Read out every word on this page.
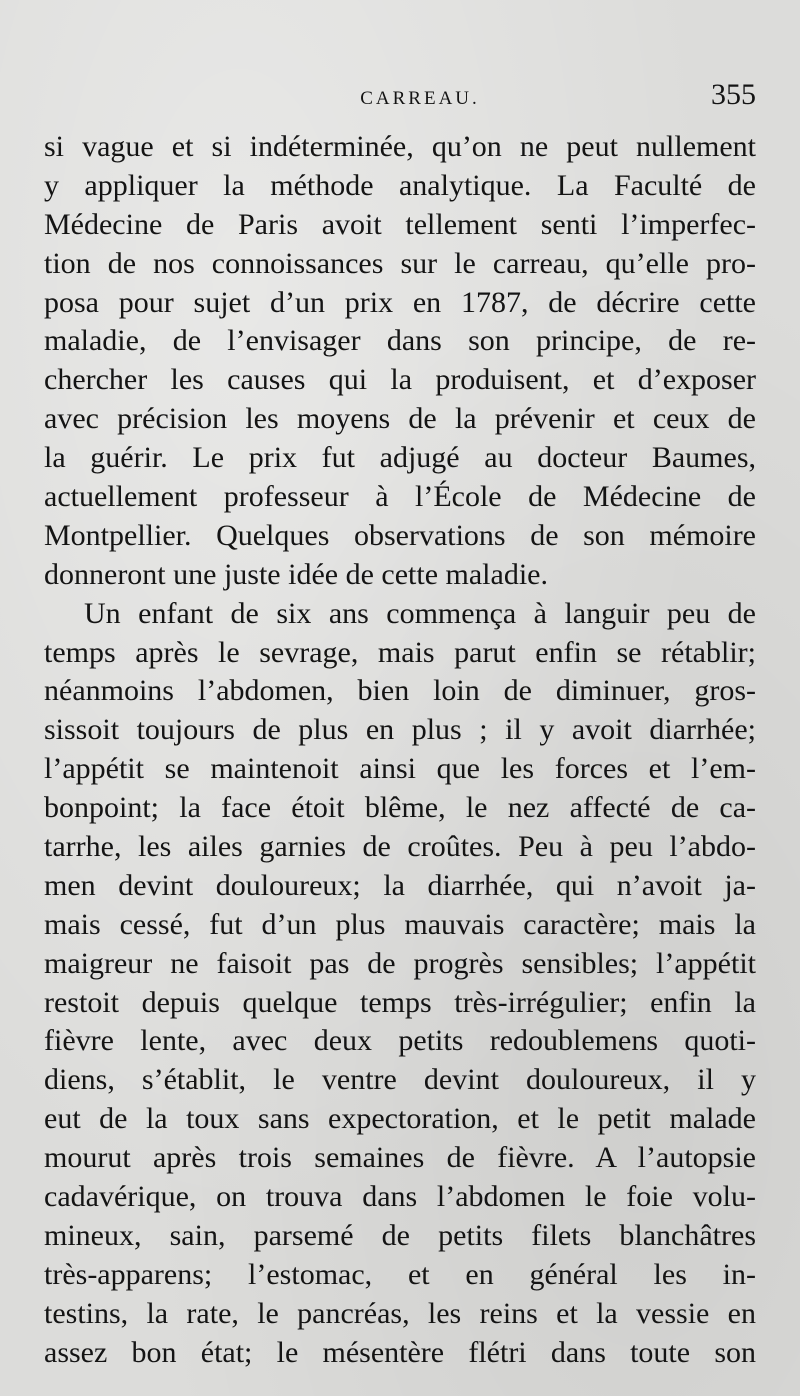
CARREAU.	355
si vague et si indéterminée, qu’on ne peut nullement
y appliquer la méthode analytique. La Faculté de
Médecine de Paris avoit tellement senti l’imperfec-
tion de nos connoissances sur le carreau, qu’elle pro-
posa pour sujet d’un prix en 1787, de décrire cette
maladie, de l’envisager dans son principe, de re-
chercher les causes qui la produisent, et d’exposer
avec précision les moyens de la prévenir et ceux de
la guérir. Le prix fut adjugé au docteur Baumes,
actuellement professeur à l’École de Médecine de
Montpellier. Quelques observations de son mémoire
donneront une juste idée de cette maladie.
Un enfant de six ans commença à languir peu de
temps après le sevrage, mais parut enfin se rétablir;
néanmoins l’abdomen, bien loin de diminuer, gros-
sissoit toujours de plus en plus ; il y avoit diarrhée;
l’appétit se maintenoit ainsi que les forces et l’em-
bonpoint; la face étoit blême, le nez affecté de ca-
tarrhe, les ailes garnies de croûtes. Peu à peu l’abdo-
men devint douloureux; la diarrhée, qui n’avoit ja-
mais cessé, fut d’un plus mauvais caractère; mais la
maigreur ne faisoit pas de progrès sensibles; l’appétit
restoit depuis quelque temps très-irrégulier; enfin la
fièvre lente, avec deux petits redoublemens quoti-
diens, s’établit, le ventre devint douloureux, il y
eut de la toux sans expectoration, et le petit malade
mourut après trois semaines de fièvre. A l’autopsie
cadavérique, on trouva dans l’abdomen le foie volu-
mineux, sain, parsemé de petits filets blanchâtres
très-apparens; l’estomac, et en général les in-
testins, la rate, le pancréas, les reins et la vessie en
assez bon état; le mésentère flétri dans toute son
